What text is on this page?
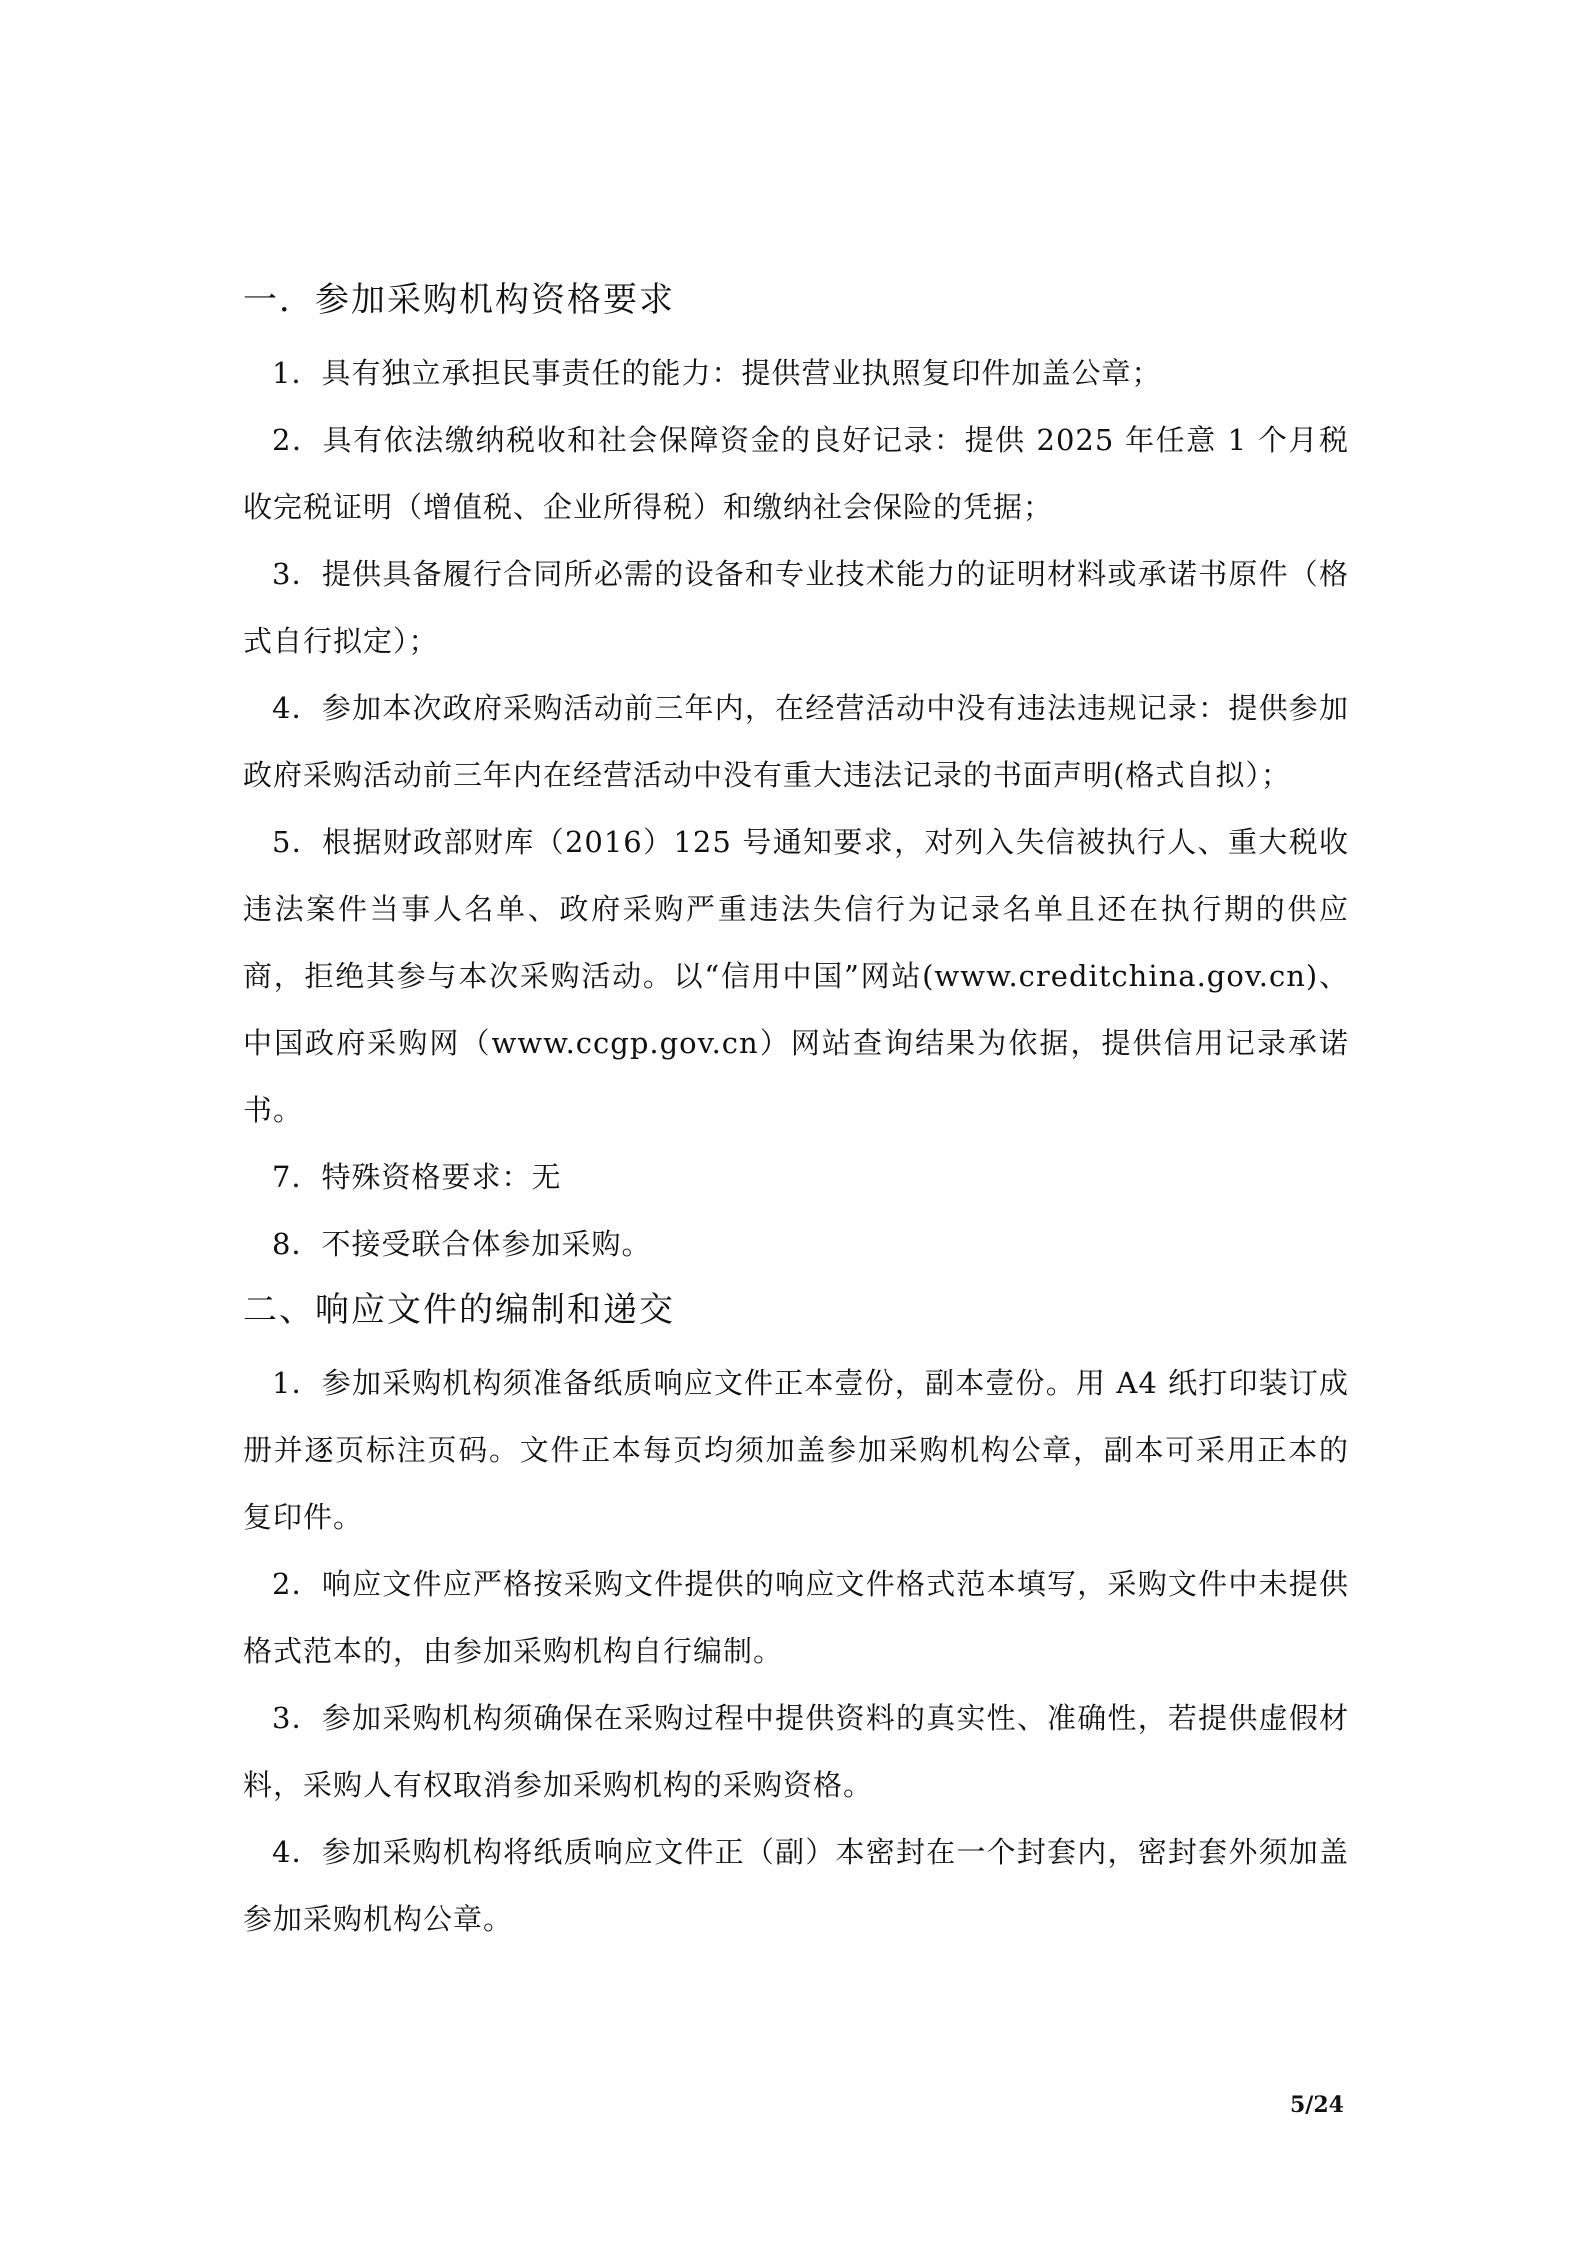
一．参加采购机构资格要求

1．具有独立承担民事责任的能力：提供营业执照复印件加盖公章；

2．具有依法缴纳税收和社会保障资金的良好记录：提供 2025 年任意 1 个月税收完税证明（增值税、企业所得税）和缴纳社会保险的凭据；

3．提供具备履行合同所必需的设备和专业技术能力的证明材料或承诺书原件（格式自行拟定）；

4．参加本次政府采购活动前三年内，在经营活动中没有违法违规记录：提供参加政府采购活动前三年内在经营活动中没有重大违法记录的书面声明(格式自拟）；

5．根据财政部财库（2016）125 号通知要求，对列入失信被执行人、重大税收违法案件当事人名单、政府采购严重违法失信行为记录名单且还在执行期的供应商，拒绝其参与本次采购活动。以“信用中国”网站(www.creditchina.gov.cn)、中国政府采购网（www.ccgp.gov.cn）网站查询结果为依据，提供信用记录承诺书。

7．特殊资格要求：无

8．不接受联合体参加采购。

二、响应文件的编制和递交

1．参加采购机构须准备纸质响应文件正本壹份，副本壹份。用 A4 纸打印装订成册并逐页标注页码。文件正本每页均须加盖参加采购机构公章，副本可采用正本的复印件。

2．响应文件应严格按采购文件提供的响应文件格式范本填写，采购文件中未提供格式范本的，由参加采购机构自行编制。

3．参加采购机构须确保在采购过程中提供资料的真实性、准确性，若提供虚假材料，采购人有权取消参加采购机构的采购资格。

4．参加采购机构将纸质响应文件正（副）本密封在一个封套内，密封套外须加盖参加采购机构公章。

5/24
